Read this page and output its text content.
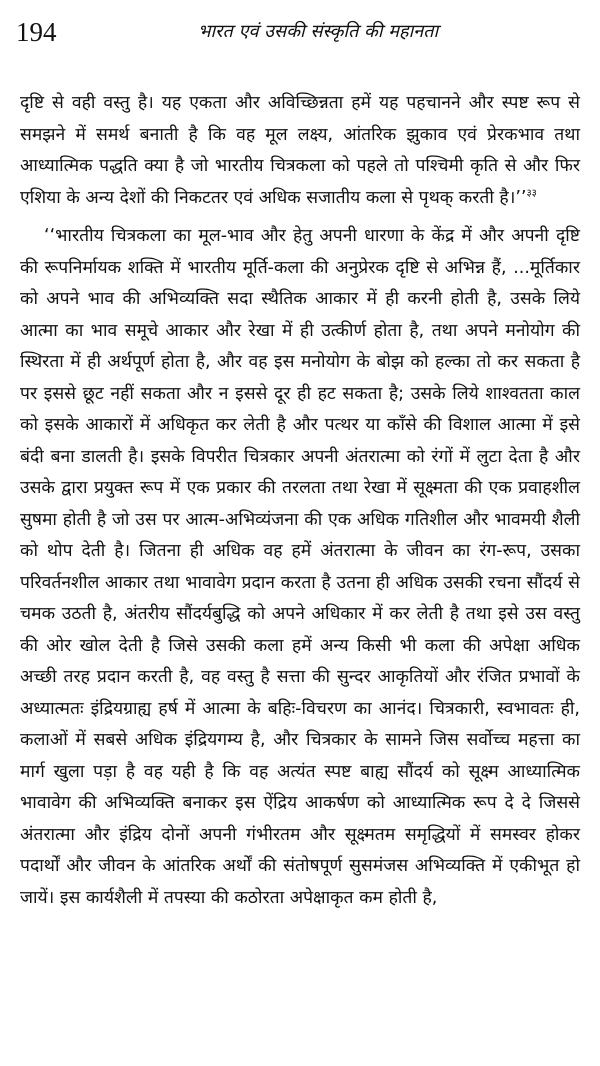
194	भारत एवं उसकी संस्कृति की महानता

दृष्टि से वही वस्तु है। यह एकता और अविच्छिन्नता हमें यह पहचानने और स्पष्ट रूप से समझने में समर्थ बनाती है कि वह मूल लक्ष्य, आंतरिक झुकाव एवं प्रेरकभाव तथा आध्यात्मिक पद्धति क्या है जो भारतीय चित्रकला को पहले तो पश्चिमी कृति से और फिर एशिया के अन्य देशों की निकटतर एवं अधिक सजातीय कला से पृथक् करती है।’’$^{३३}$

‘‘भारतीय चित्रकला का मूल-भाव और हेतु अपनी धारणा के केंद्र में और अपनी दृष्टि की रूपनिर्मायक शक्ति में भारतीय मूर्ति-कला की अनुप्रेरक दृष्टि से अभिन्न हैं, ...मूर्तिकार को अपने भाव की अभिव्यक्ति सदा स्थैतिक आकार में ही करनी होती है, उसके लिये आत्मा का भाव समूचे आकार और रेखा में ही उत्कीर्ण होता है, तथा अपने मनोयोग की स्थिरता में ही अर्थपूर्ण होता है, और वह इस मनोयोग के बोझ को हल्का तो कर सकता है पर इससे छूट नहीं सकता और न इससे दूर ही हट सकता है; उसके लिये शाश्वतता काल को इसके आकारों में अधिकृत कर लेती है और पत्थर या काँसे की विशाल आत्मा में इसे बंदी बना डालती है। इसके विपरीत चित्रकार अपनी अंतरात्मा को रंगों में लुटा देता है और उसके द्वारा प्रयुक्त रूप में एक प्रकार की तरलता तथा रेखा में सूक्ष्मता की एक प्रवाहशील सुषमा होती है जो उस पर आत्म-अभिव्यंजना की एक अधिक गतिशील और भावमयी शैली को थोप देती है। जितना ही अधिक वह हमें अंतरात्मा के जीवन का रंग-रूप, उसका परिवर्तनशील आकार तथा भावावेग प्रदान करता है उतना ही अधिक उसकी रचना सौंदर्य से चमक उठती है, अंतरीय सौंदर्यबुद्धि को अपने अधिकार में कर लेती है तथा इसे उस वस्तु की ओर खोल देती है जिसे उसकी कला हमें अन्य किसी भी कला की अपेक्षा अधिक अच्छी तरह प्रदान करती है, वह वस्तु है सत्ता की सुन्दर आकृतियों और रंजित प्रभावों के अध्यात्मतः इंद्रियग्राह्य हर्ष में आत्मा के बहिः-विचरण का आनंद। चित्रकारी, स्वभावतः ही, कलाओं में सबसे अधिक इंद्रियगम्य है, और चित्रकार के सामने जिस सर्वोच्च महत्ता का मार्ग खुला पड़ा है वह यही है कि वह अत्यंत स्पष्ट बाह्य सौंदर्य को सूक्ष्म आध्यात्मिक भावावेग की अभिव्यक्ति बनाकर इस ऐंद्रिय आकर्षण को आध्यात्मिक रूप दे दे जिससे अंतरात्मा और इंद्रिय दोनों अपनी गंभीरतम और सूक्ष्मतम समृद्धियों में समस्वर होकर पदार्थों और जीवन के आंतरिक अर्थों की संतोषपूर्ण सुसमंजस अभिव्यक्ति में एकीभूत हो जायें। इस कार्यशैली में तपस्या की कठोरता अपेक्षाकृत कम होती है,
